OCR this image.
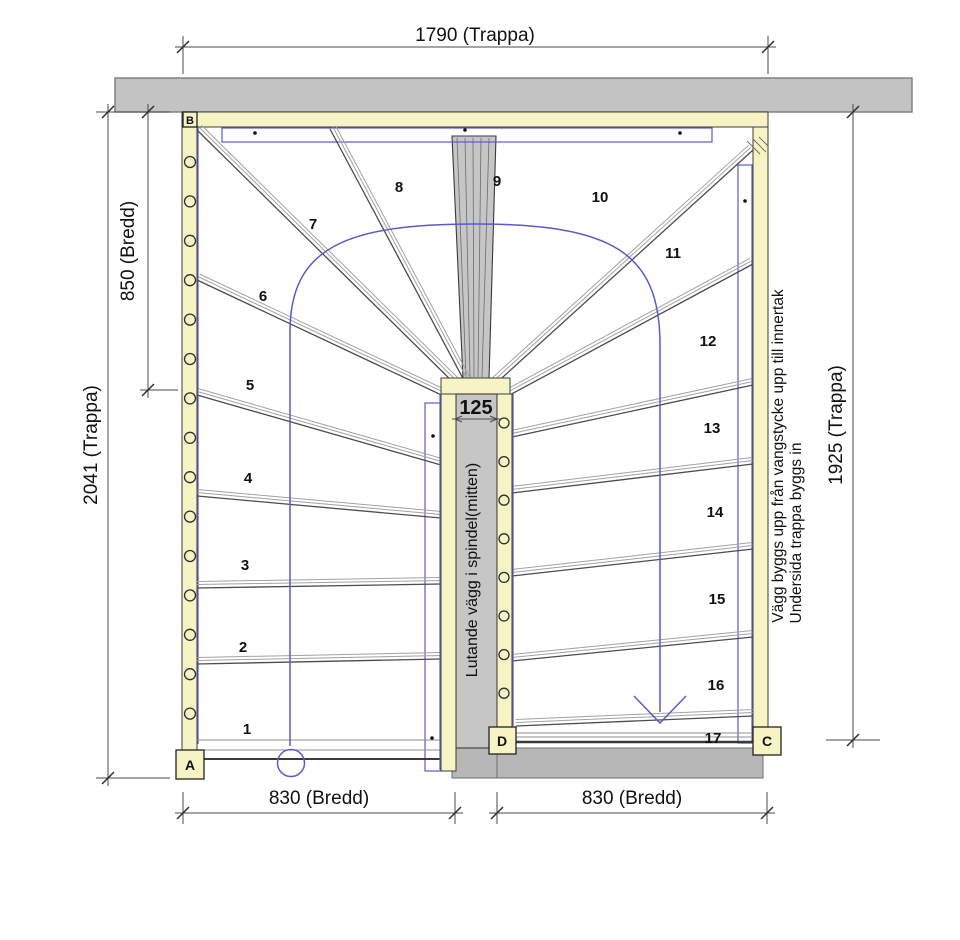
1790 (Trappa)
2041 (Trappa)
850 (Bredd)
1925 (Trappa)
830 (Bredd)	830 (Bredd)
125
Lutande vägg i spindel(mitten)	Vägg byggs upp från vangstycke upp till innertak Undersida trappa byggs in
A
B
C
D
1
2
3
4
5
6
7
8	9
10
11
12
13
14
15
16
17
